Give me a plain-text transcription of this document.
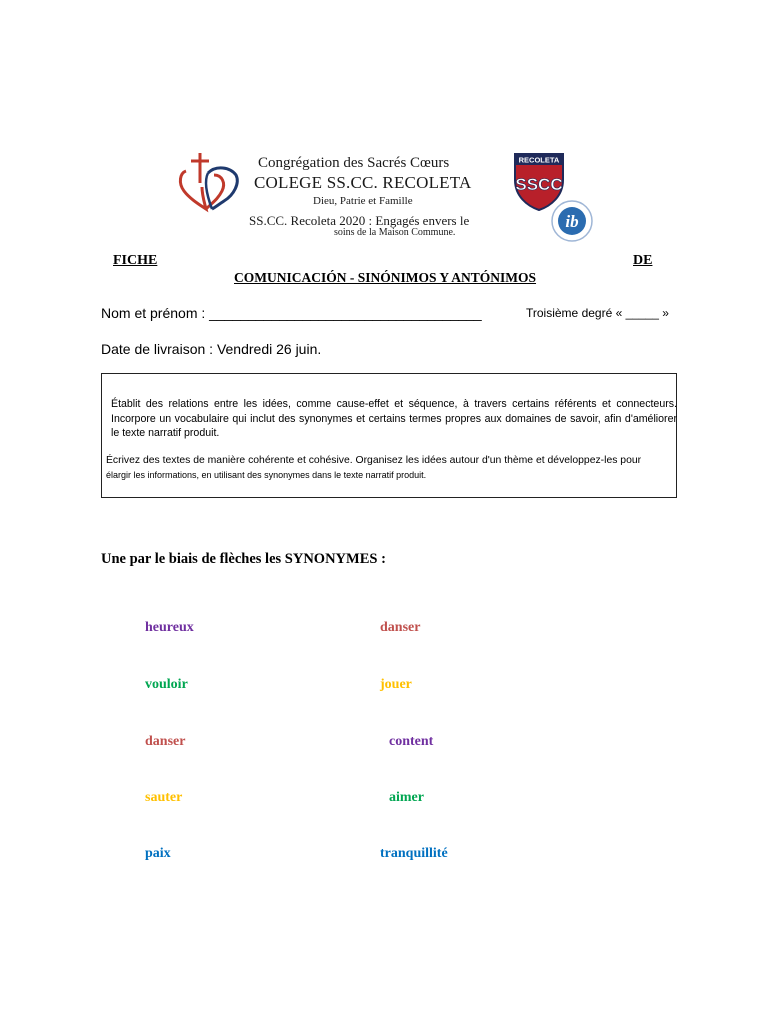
Congrégation des Sacrés Cœurs
COLEGE SS.CC. RECOLETA
Dieu, Patrie et Famille
SS.CC. Recoleta 2020 : Engagés envers le
soins de la Maison Commune.
RECOLETA
SSCC
ib
FICHE	DE
COMUNICACIÓN - SINÓNIMOS Y ANTÓNIMOS
Nom et prénom : ___________________________________	Troisième degré « _____ »
Date de livraison : Vendredi 26 juin.
Établit des relations entre les idées, comme cause-effet et séquence, à travers certains référents et connecteurs. Incorpore un vocabulaire qui inclut des synonymes et certains termes propres aux domaines de savoir, afin d'améliorer le texte narratif produit.
Écrivez des textes de manière cohérente et cohésive. Organisez les idées autour d'un thème et développez-les pour
élargir les informations, en utilisant des synonymes dans le texte narratif produit.
Une par le biais de flèches les SYNONYMES :
heureux
vouloir
danser
sauter
paix
danser
jouer
content
aimer
tranquillité
